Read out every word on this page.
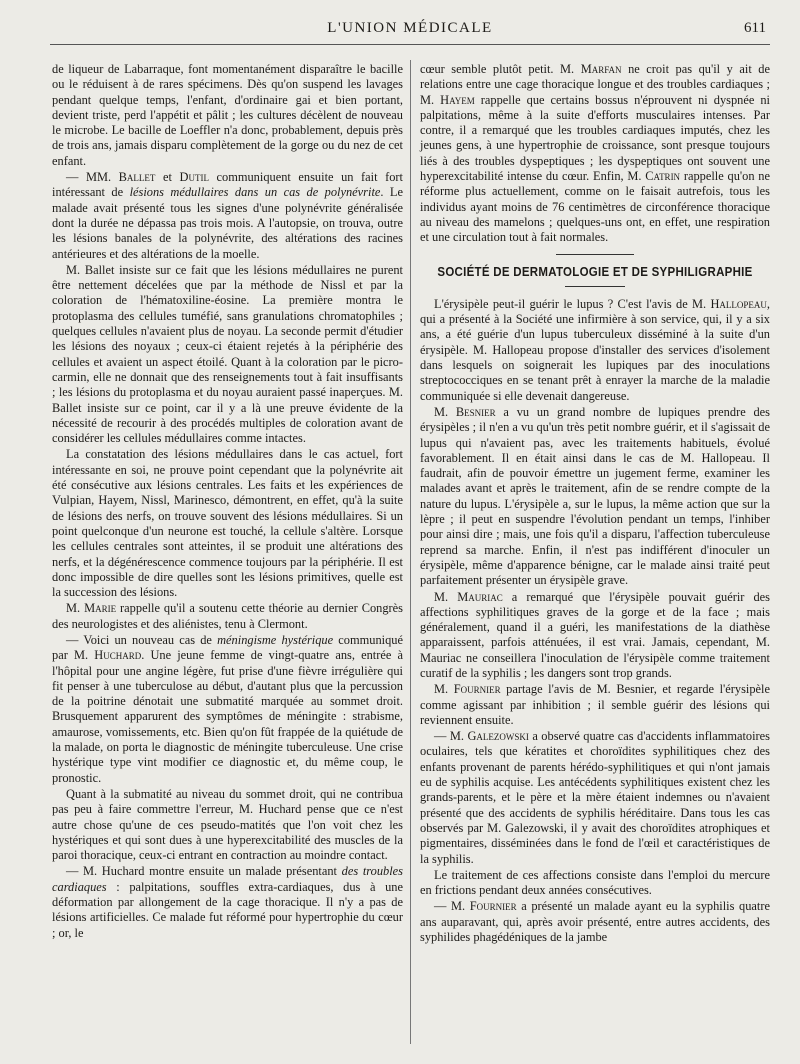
L'UNION MÉDICALE	611

de liqueur de Labarraque, font momentanément disparaître le bacille ou le réduisent à de rares spécimens. Dès qu'on suspend les lavages pendant quelque temps, l'enfant, d'ordinaire gai et bien portant, devient triste, perd l'appétit et pâlit ; les cultures décèlent de nouveau le microbe. Le bacille de Loeffler n'a donc, probablement, depuis près de trois ans, jamais disparu complètement de la gorge ou du nez de cet enfant.

— MM. Ballet et Dutil communiquent ensuite un fait fort intéressant de lésions médullaires dans un cas de polynévrite. Le malade avait présenté tous les signes d'une polynévrite généralisée dont la durée ne dépassa pas trois mois. A l'autopsie, on trouva, outre les lésions banales de la polynévrite, des altérations des racines antérieures et des altérations de la moelle.

M. Ballet insiste sur ce fait que les lésions médullaires ne purent être nettement décelées que par la méthode de Nissl et par la coloration de l'hématoxiline-éosine. La première montra le protoplasma des cellules tuméfié, sans granulations chromatophiles ; quelques cellules n'avaient plus de noyau. La seconde permit d'étudier les lésions des noyaux ; ceux-ci étaient rejetés à la périphérie des cellules et avaient un aspect étoilé. Quant à la coloration par le picro-carmin, elle ne donnait que des renseignements tout à fait insuffisants ; les lésions du protoplasma et du noyau auraient passé inaperçues. M. Ballet insiste sur ce point, car il y a là une preuve évidente de la nécessité de recourir à des procédés multiples de coloration avant de considérer les cellules médullaires comme intactes.

La constatation des lésions médullaires dans le cas actuel, fort intéressante en soi, ne prouve point cependant que la polynévrite ait été consécutive aux lésions centrales. Les faits et les expériences de Vulpian, Hayem, Nissl, Marinesco, démontrent, en effet, qu'à la suite de lésions des nerfs, on trouve souvent des lésions médullaires. Si un point quelconque d'un neurone est touché, la cellule s'altère. Lorsque les cellules centrales sont atteintes, il se produit une altérations des nerfs, et la dégénérescence commence toujours par la périphérie. Il est donc impossible de dire quelles sont les lésions primitives, quelle est la succession des lésions.

M. Marie rappelle qu'il a soutenu cette théorie au dernier Congrès des neurologistes et des aliénistes, tenu à Clermont.

— Voici un nouveau cas de méningisme hystérique communiqué par M. Huchard. Une jeune femme de vingt-quatre ans, entrée à l'hôpital pour une angine légère, fut prise d'une fièvre irrégulière qui fit penser à une tuberculose au début, d'autant plus que la percussion de la poitrine dénotait une submatité marquée au sommet droit. Brusquement apparurent des symptômes de méningite : strabisme, amaurose, vomissements, etc. Bien qu'on fût frappée de la quiétude de la malade, on porta le diagnostic de méningite tuberculeuse. Une crise hystérique type vint modifier ce diagnostic et, du même coup, le pronostic.

Quant à la submatité au niveau du sommet droit, qui ne contribua pas peu à faire commettre l'erreur, M. Huchard pense que ce n'est autre chose qu'une de ces pseudo-matités que l'on voit chez les hystériques et qui sont dues à une hyperexcitabilité des muscles de la paroi thoracique, ceux-ci entrant en contraction au moindre contact.

— M. Huchard montre ensuite un malade présentant des troubles cardiaques : palpitations, souffles extra-cardiaques, dus à une déformation par allongement de la cage thoracique. Il n'y a pas de lésions artificielles. Ce malade fut réformé pour hypertrophie du cœur ; or, le

cœur semble plutôt petit. M. Marfan ne croit pas qu'il y ait de relations entre une cage thoracique longue et des troubles cardiaques ; M. Hayem rappelle que certains bossus n'éprouvent ni dyspnée ni palpitations, même à la suite d'efforts musculaires intenses. Par contre, il a remarqué que les troubles cardiaques imputés, chez les jeunes gens, à une hypertrophie de croissance, sont presque toujours liés à des troubles dyspeptiques ; les dyspeptiques ont souvent une hyperexcitabilité intense du cœur. Enfin, M. Catrin rappelle qu'on ne réforme plus actuellement, comme on le faisait autrefois, tous les individus ayant moins de 76 centimètres de circonférence thoracique au niveau des mamelons ; quelques-uns ont, en effet, une respiration et une circulation tout à fait normales.

SOCIÉTÉ DE DERMATOLOGIE ET DE SYPHILIGRAPHIE

L'érysipèle peut-il guérir le lupus ? C'est l'avis de M. Hallopeau, qui a présenté à la Société une infirmière à son service, qui, il y a six ans, a été guérie d'un lupus tuberculeux disséminé à la suite d'un érysipèle. M. Hallopeau propose d'installer des services d'isolement dans lesquels on soignerait les lupiques par des inoculations streptococciques en se tenant prêt à enrayer la marche de la maladie communiquée si elle devenait dangereuse.

M. Besnier a vu un grand nombre de lupiques prendre des érysipèles ; il n'en a vu qu'un très petit nombre guérir, et il s'agissait de lupus qui n'avaient pas, avec les traitements habituels, évolué favorablement. Il en était ainsi dans le cas de M. Hallopeau. Il faudrait, afin de pouvoir émettre un jugement ferme, examiner les malades avant et après le traitement, afin de se rendre compte de la nature du lupus. L'érysipèle a, sur le lupus, la même action que sur la lèpre ; il peut en suspendre l'évolution pendant un temps, l'inhiber pour ainsi dire ; mais, une fois qu'il a disparu, l'affection tuberculeuse reprend sa marche. Enfin, il n'est pas indifférent d'inoculer un érysipèle, même d'apparence bénigne, car le malade ainsi traité peut parfaitement présenter un érysipèle grave.

M. Mauriac a remarqué que l'érysipèle pouvait guérir des affections syphilitiques graves de la gorge et de la face ; mais généralement, quand il a guéri, les manifestations de la diathèse apparaissent, parfois atténuées, il est vrai. Jamais, cependant, M. Mauriac ne conseillera l'inoculation de l'érysipèle comme traitement curatif de la syphilis ; les dangers sont trop grands.

M. Fournier partage l'avis de M. Besnier, et regarde l'érysipèle comme agissant par inhibition ; il semble guérir des lésions qui reviennent ensuite.

— M. Galezowski a observé quatre cas d'accidents inflammatoires oculaires, tels que kératites et choroïdites syphilitiques chez des enfants provenant de parents hérédo-syphilitiques et qui n'ont jamais eu de syphilis acquise. Les antécédents syphilitiques existent chez les grands-parents, et le père et la mère étaient indemnes ou n'avaient présenté que des accidents de syphilis héréditaire. Dans tous les cas observés par M. Galezowski, il y avait des choroïdites atrophiques et pigmentaires, disséminées dans le fond de l'œil et caractéristiques de la syphilis.

Le traitement de ces affections consiste dans l'emploi du mercure en frictions pendant deux années consécutives.

— M. Fournier a présenté un malade ayant eu la syphilis quatre ans auparavant, qui, après avoir présenté, entre autres accidents, des syphilides phagédéniques de la jambe
